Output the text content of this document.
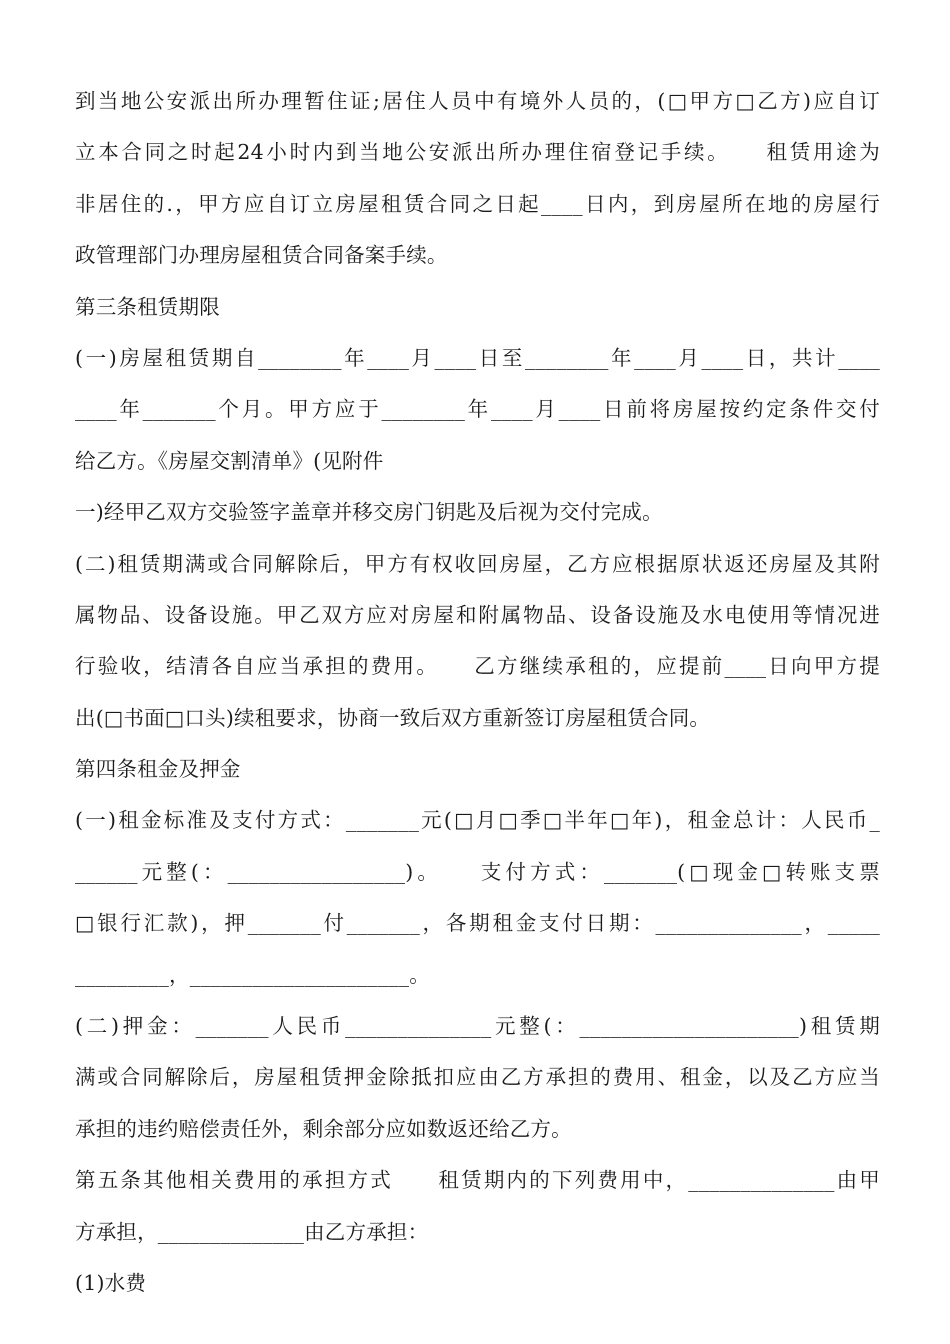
到当地公安派出所办理暂住证;居住人员中有境外人员的，(□甲方□乙方)应自订
立本合同之时起24小时内到当地公安派出所办理住宿登记手续。　　租赁用途为
非居住的.，甲方应自订立房屋租赁合同之日起____日内，到房屋所在地的房屋行
政管理部门办理房屋租赁合同备案手续。
第三条租赁期限
(一)房屋租赁期自________年____月____日至________年____月____日，共计____
____年_______个月。甲方应于________年____月____日前将房屋按约定条件交付
给乙方。《房屋交割清单》(见附件
一)经甲乙双方交验签字盖章并移交房门钥匙及后视为交付完成。
(二)租赁期满或合同解除后，甲方有权收回房屋，乙方应根据原状返还房屋及其附
属物品、设备设施。甲乙双方应对房屋和附属物品、设备设施及水电使用等情况进
行验收，结清各自应当承担的费用。　　乙方继续承租的，应提前____日向甲方提
出(□书面□口头)续租要求，协商一致后双方重新签订房屋租赁合同。
第四条租金及押金
(一)租金标准及支付方式：_______元(□月□季□半年□年)，租金总计：人民币_
______元整(：_________________)。　　支付方式：_______(□现金□转账支票
□银行汇款)，押_______付_______，各期租金支付日期：______________，_____
_________，_____________________。
(二)押金：_______人民币______________元整(：_____________________)租赁期
满或合同解除后，房屋租赁押金除抵扣应由乙方承担的费用、租金，以及乙方应当
承担的违约赔偿责任外，剩余部分应如数返还给乙方。
第五条其他相关费用的承担方式　　租赁期内的下列费用中，______________由甲
方承担，______________由乙方承担：
(1)水费
